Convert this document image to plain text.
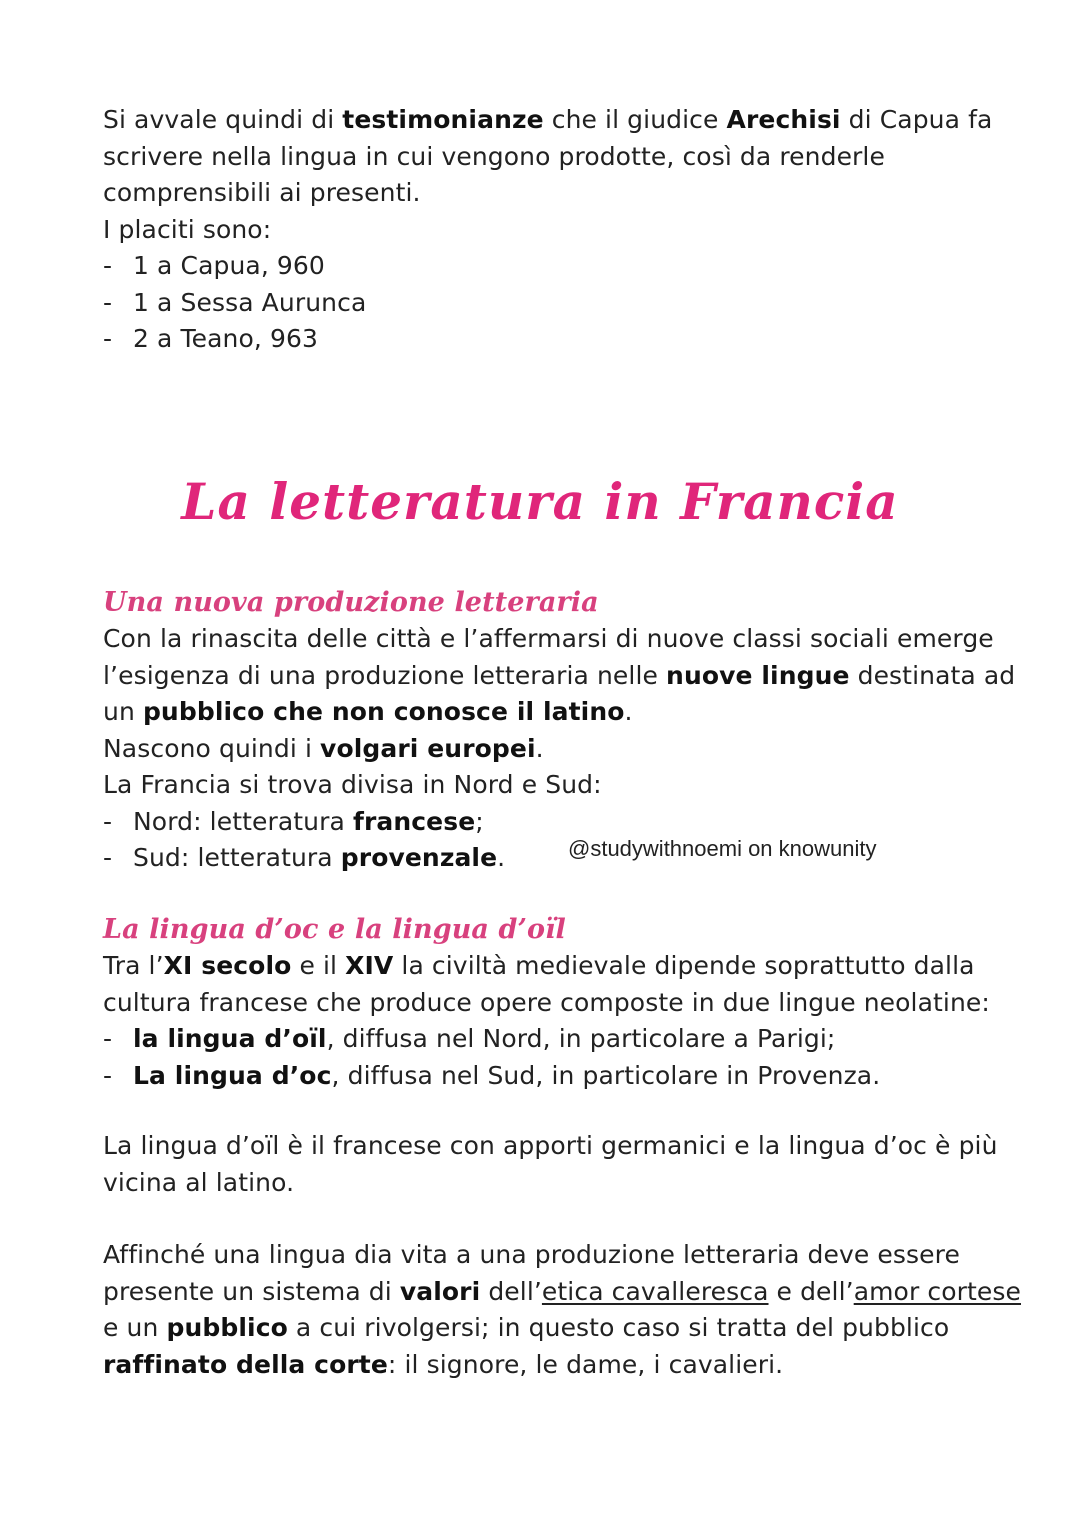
Si avvale quindi di testimonianze che il giudice Arechisi di Capua fa
scrivere nella lingua in cui vengono prodotte, così da renderle
comprensibili ai presenti.
I placiti sono:
- 1 a Capua, 960
- 1 a Sessa Aurunca
- 2 a Teano, 963
La letteratura in Francia
Una nuova produzione letteraria
Con la rinascita delle città e l’affermarsi di nuove classi sociali emerge
l’esigenza di una produzione letteraria nelle nuove lingue destinata ad
un pubblico che non conosce il latino.
Nascono quindi i volgari europei.
La Francia si trova divisa in Nord e Sud:
- Nord: letteratura francese;
- Sud: letteratura provenzale.	@studywithnoemi on knowunity
La lingua d’oc e la lingua d’oïl
Tra l’XI secolo e il XIV la civiltà medievale dipende soprattutto dalla
cultura francese che produce opere composte in due lingue neolatine:
- la lingua d’oïl, diffusa nel Nord, in particolare a Parigi;
- La lingua d’oc, diffusa nel Sud, in particolare in Provenza.
La lingua d’oïl è il francese con apporti germanici e la lingua d’oc è più
vicina al latino.
Affinché una lingua dia vita a una produzione letteraria deve essere
presente un sistema di valori dell’etica cavalleresca e dell’amor cortese
e un pubblico a cui rivolgersi; in questo caso si tratta del pubblico
raffinato della corte: il signore, le dame, i cavalieri.
